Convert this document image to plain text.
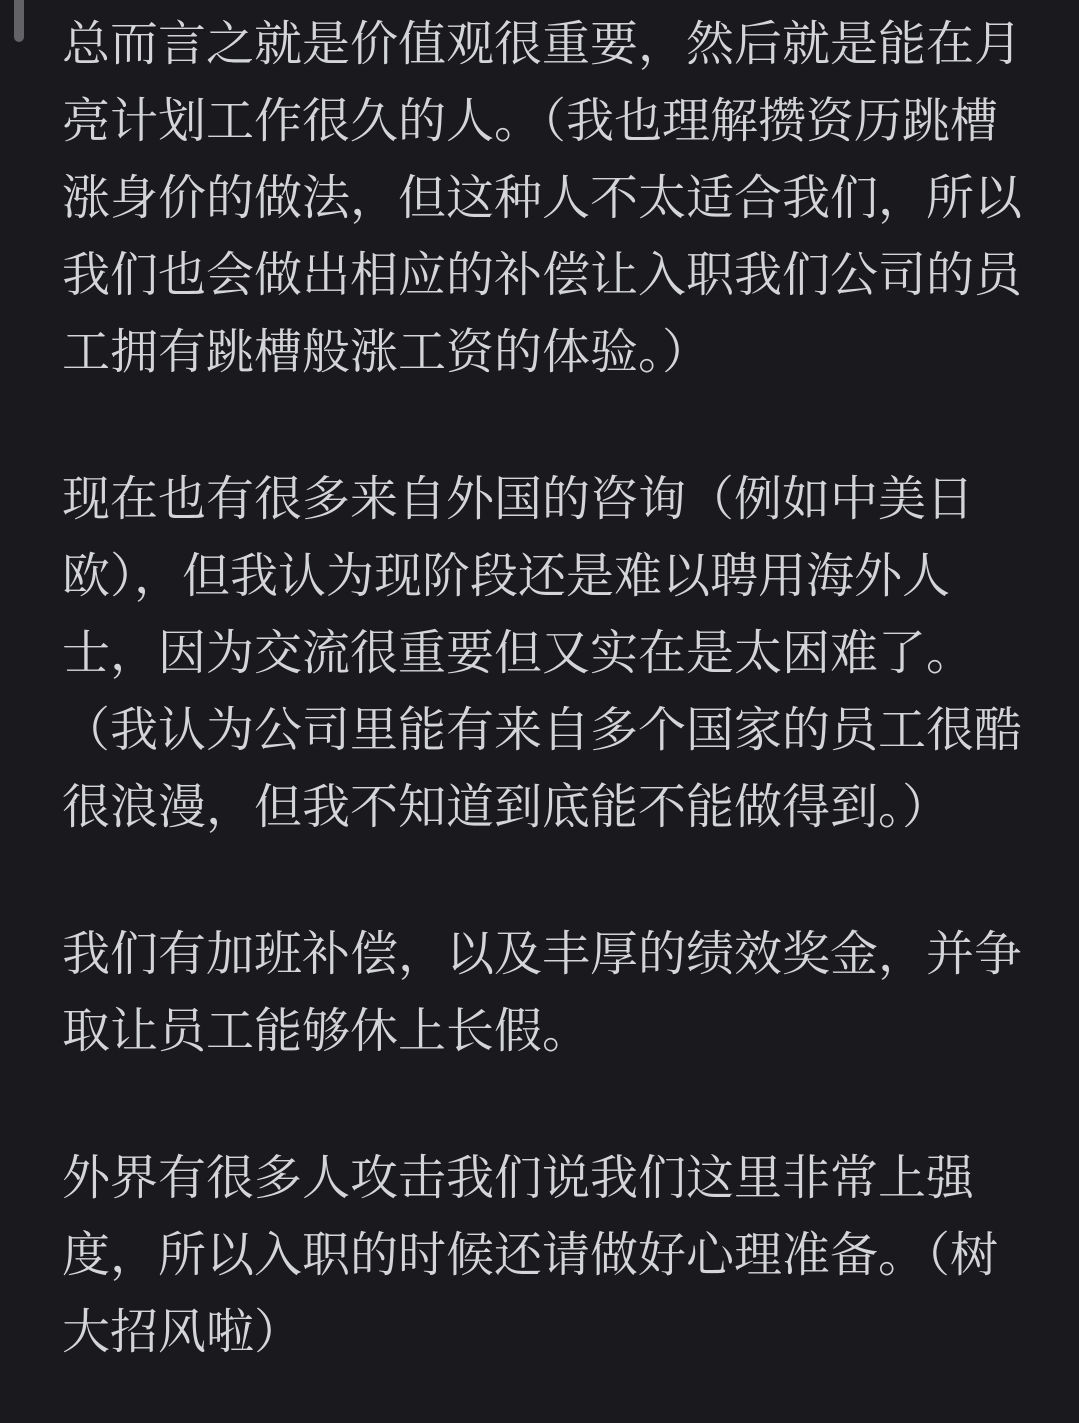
总而言之就是价值观很重要，然后就是能在月亮计划工作很久的人。（我也理解攒资历跳槽涨身价的做法，但这种人不太适合我们，所以我们也会做出相应的补偿让入职我们公司的员工拥有跳槽般涨工资的体验。）

现在也有很多来自外国的咨询（例如中美日欧），但我认为现阶段还是难以聘用海外人士，因为交流很重要但又实在是太困难了。（我认为公司里能有来自多个国家的员工很酷很浪漫，但我不知道到底能不能做得到。）

我们有加班补偿，以及丰厚的绩效奖金，并争取让员工能够休上长假。

外界有很多人攻击我们说我们这里非常上强度，所以入职的时候还请做好心理准备。（树大招风啦）
